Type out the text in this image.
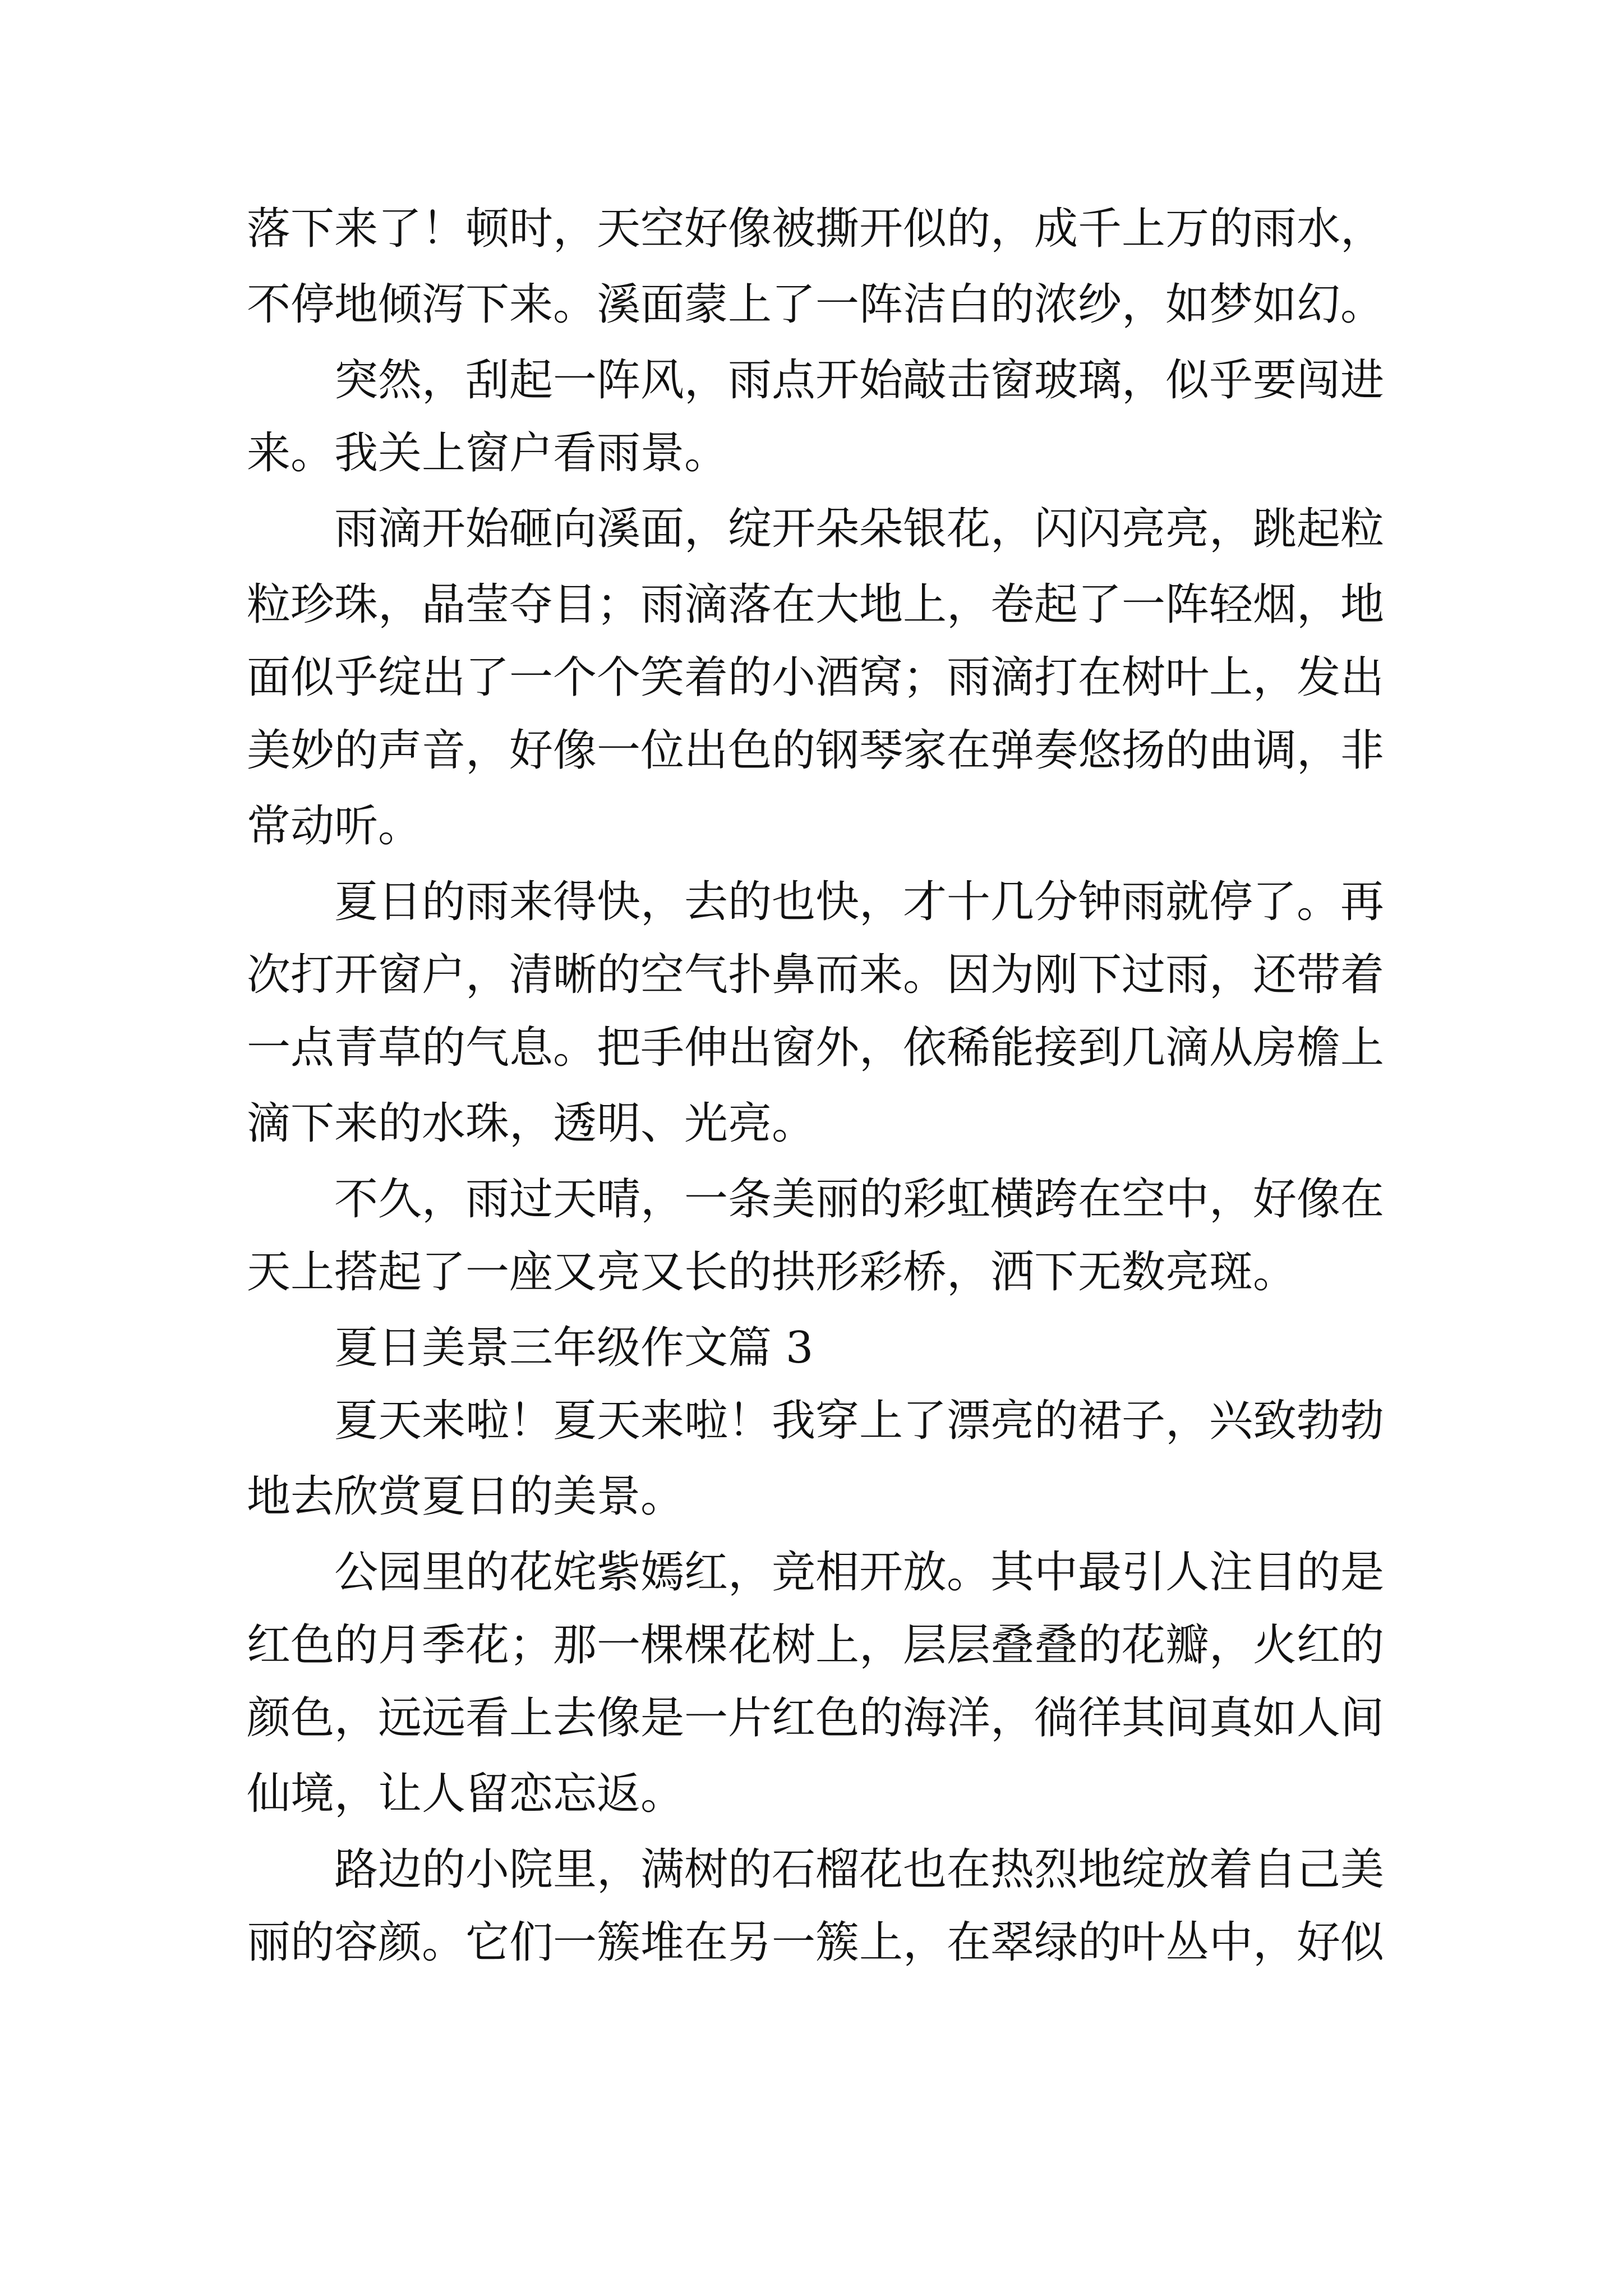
落下来了！顿时，天空好像被撕开似的，成千上万的雨水，
不停地倾泻下来。溪面蒙上了一阵洁白的浓纱，如梦如幻。
突然，刮起一阵风，雨点开始敲击窗玻璃，似乎要闯进
来。我关上窗户看雨景。
雨滴开始砸向溪面，绽开朵朵银花，闪闪亮亮，跳起粒
粒珍珠，晶莹夺目；雨滴落在大地上，卷起了一阵轻烟，地
面似乎绽出了一个个笑着的小酒窝；雨滴打在树叶上，发出
美妙的声音，好像一位出色的钢琴家在弹奏悠扬的曲调，非
常动听。
夏日的雨来得快，去的也快，才十几分钟雨就停了。再
次打开窗户，清晰的空气扑鼻而来。因为刚下过雨，还带着
一点青草的气息。把手伸出窗外，依稀能接到几滴从房檐上
滴下来的水珠，透明、光亮。
不久，雨过天晴，一条美丽的彩虹横跨在空中，好像在
天上搭起了一座又亮又长的拱形彩桥，洒下无数亮斑。
夏日美景三年级作文篇 3
夏天来啦！夏天来啦！我穿上了漂亮的裙子，兴致勃勃
地去欣赏夏日的美景。
公园里的花姹紫嫣红，竞相开放。其中最引人注目的是
红色的月季花；那一棵棵花树上，层层叠叠的花瓣，火红的
颜色，远远看上去像是一片红色的海洋，徜徉其间真如人间
仙境，让人留恋忘返。
路边的小院里，满树的石榴花也在热烈地绽放着自己美
丽的容颜。它们一簇堆在另一簇上，在翠绿的叶丛中，好似
